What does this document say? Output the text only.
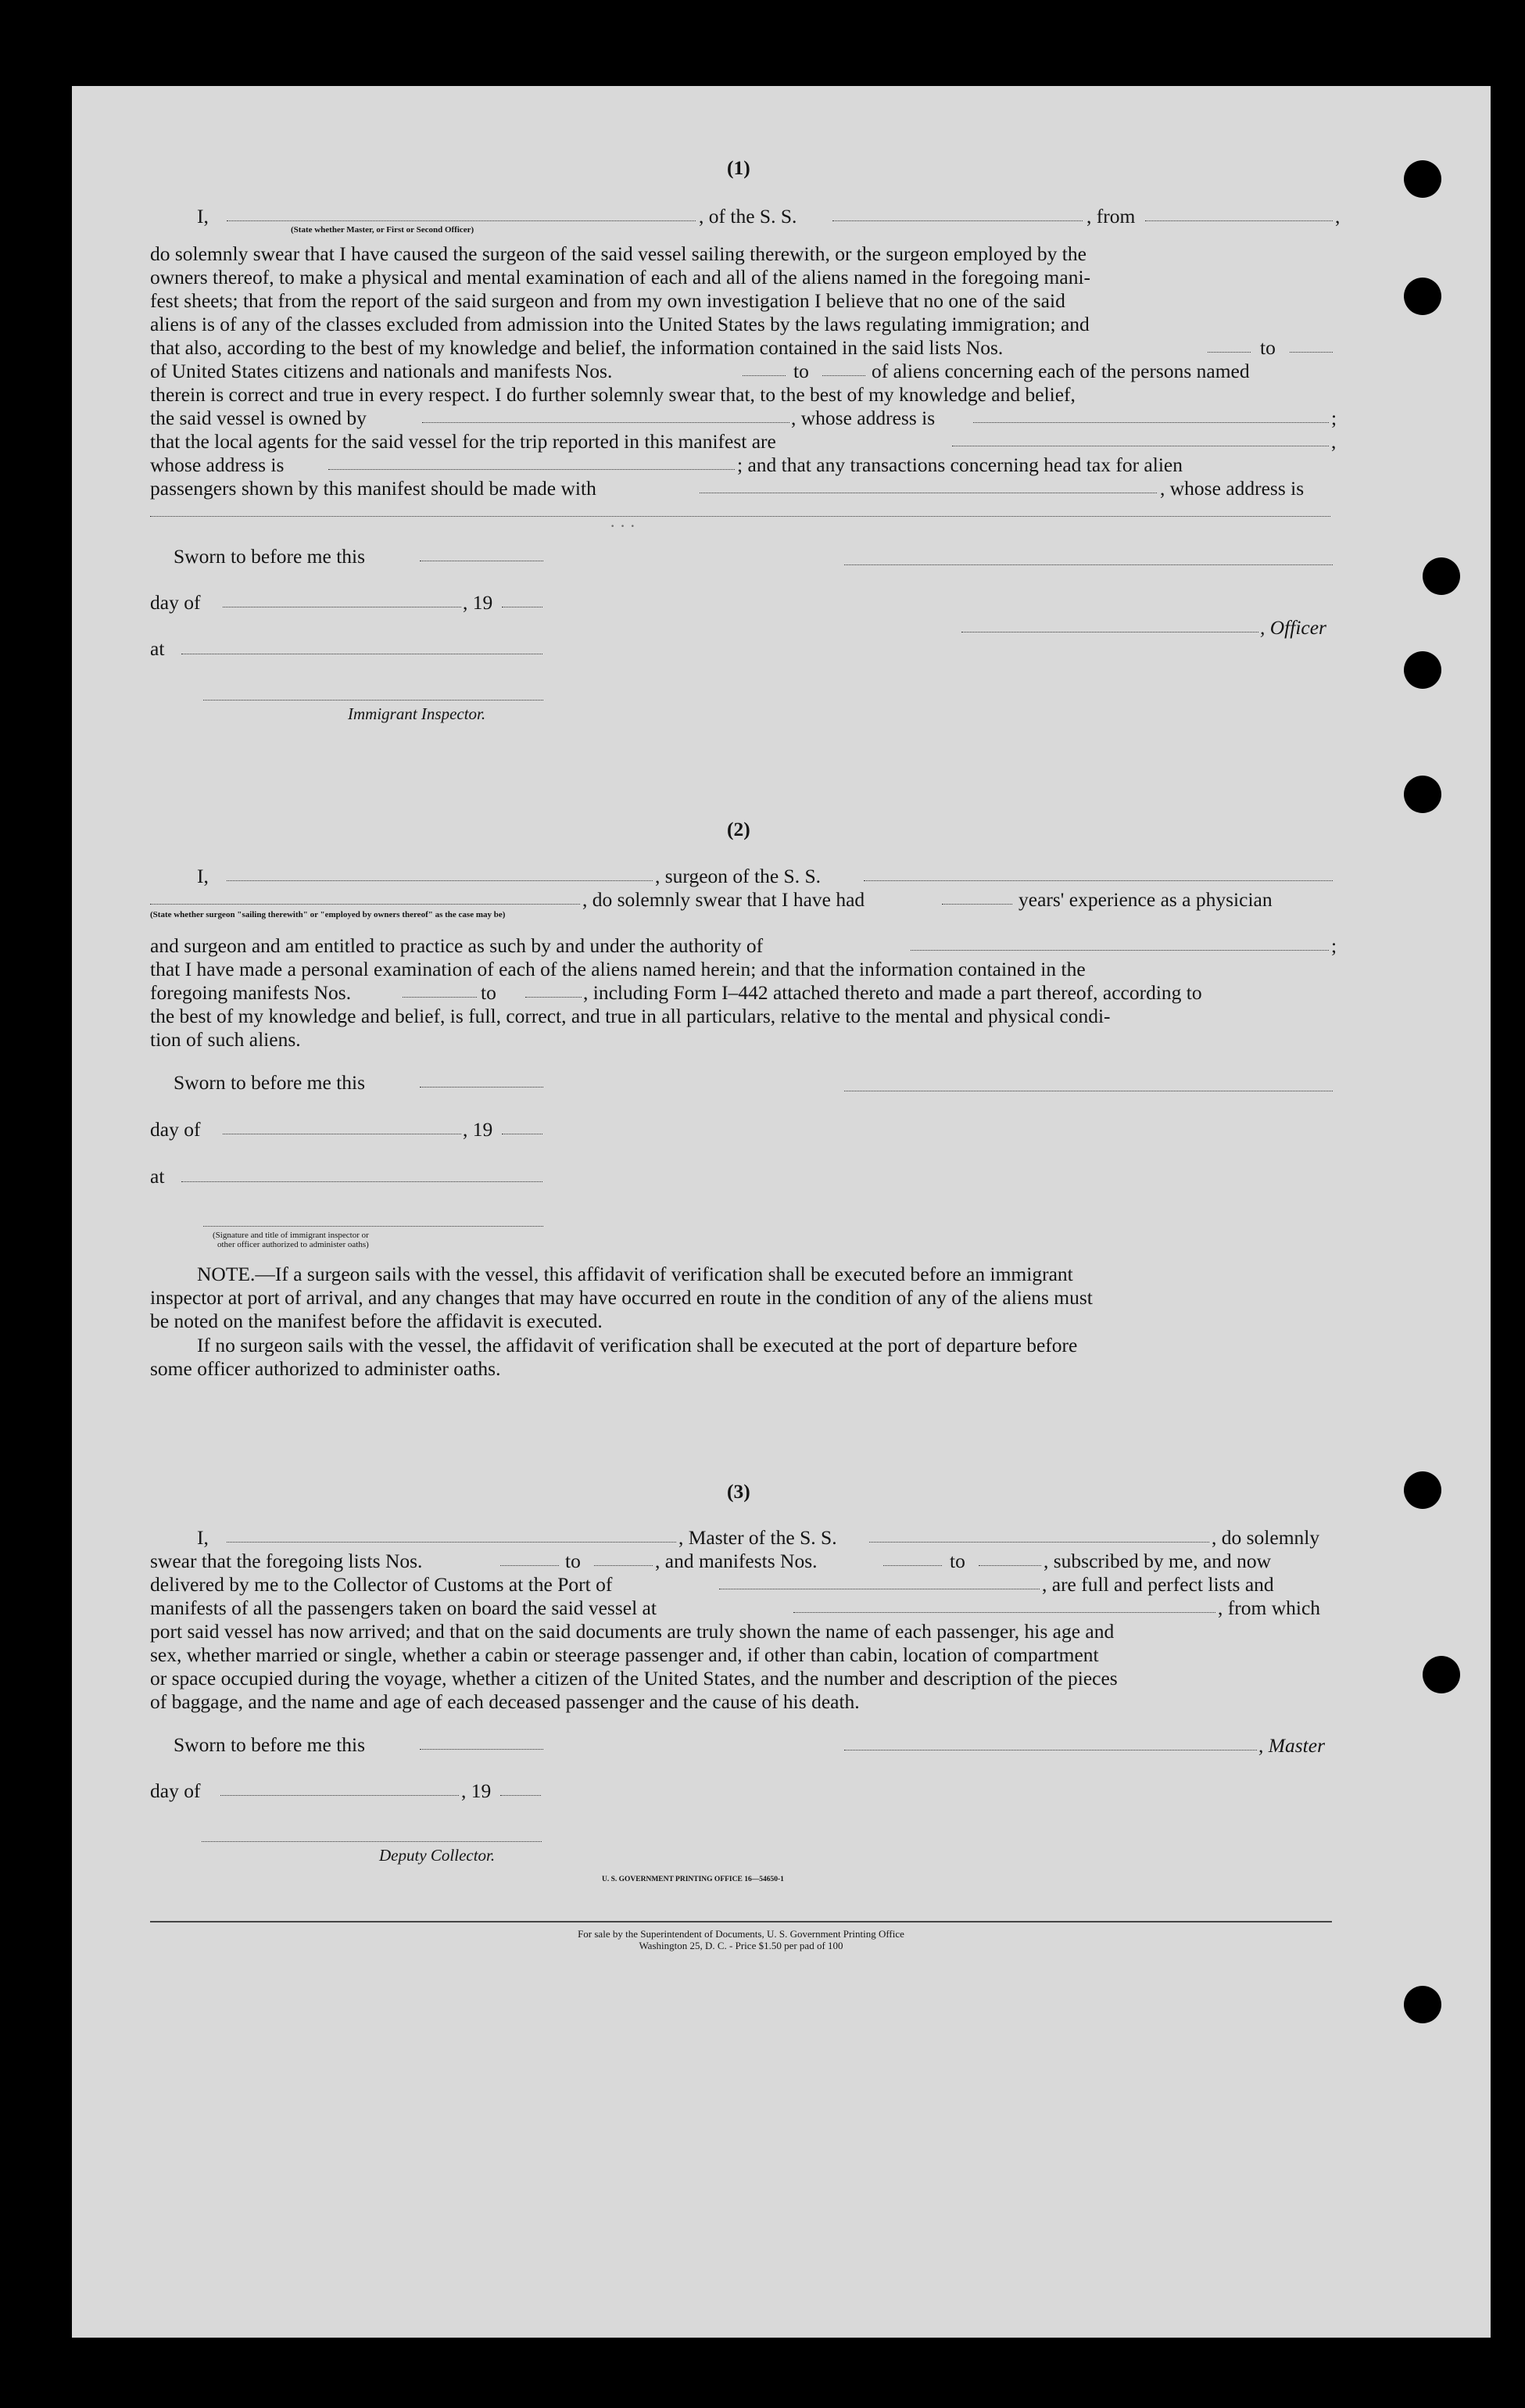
· · ·
(1)
I,	, of the S. S.	, from	,
(State whether Master, or First or Second Officer)
do solemnly swear that I have caused the surgeon of the said vessel sailing therewith, or the surgeon employed by the
owners thereof, to make a physical and mental examination of each and all of the aliens named in the foregoing mani-
fest sheets; that from the report of the said surgeon and from my own investigation I believe that no one of the said
aliens is of any of the classes excluded from admission into the United States by the laws regulating immigration; and
that also, according to the best of my knowledge and belief, the information contained in the said lists Nos.	to
of United States citizens and nationals and manifests Nos.	to	of aliens concerning each of the persons named
therein is correct and true in every respect. I do further solemnly swear that, to the best of my knowledge and belief,
the said vessel is owned by	, whose address is	;
that the local agents for the said vessel for the trip reported in this manifest are	,
whose address is	; and that any transactions concerning head tax for alien
passengers shown by this manifest should be made with	, whose address is
Sworn to before me this
day of	, 19
, Officer
at
Immigrant Inspector.
(2)
I,	, surgeon of the S. S.
, do solemnly swear that I have had	years' experience as a physician
(State whether surgeon "sailing therewith" or "employed by owners thereof" as the case may be)
and surgeon and am entitled to practice as such by and under the authority of	;
that I have made a personal examination of each of the aliens named herein; and that the information contained in the
foregoing manifests Nos.	to	, including Form I–442 attached thereto and made a part thereof, according to
the best of my knowledge and belief, is full, correct, and true in all particulars, relative to the mental and physical condi-
tion of such aliens.
Sworn to before me this
day of	, 19
at
(Signature and title of immigrant inspector or
other officer authorized to administer oaths)
NOTE.—If a surgeon sails with the vessel, this affidavit of verification shall be executed before an immigrant
inspector at port of arrival, and any changes that may have occurred en route in the condition of any of the aliens must
be noted on the manifest before the affidavit is executed.
If no surgeon sails with the vessel, the affidavit of verification shall be executed at the port of departure before
some officer authorized to administer oaths.
(3)
I,	, Master of the S. S.	, do solemnly
swear that the foregoing lists Nos.	to	, and manifests Nos.	to	, subscribed by me, and now
delivered by me to the Collector of Customs at the Port of	, are full and perfect lists and
manifests of all the passengers taken on board the said vessel at	, from which
port said vessel has now arrived; and that on the said documents are truly shown the name of each passenger, his age and
sex, whether married or single, whether a cabin or steerage passenger and, if other than cabin, location of compartment
or space occupied during the voyage, whether a citizen of the United States, and the number and description of the pieces
of baggage, and the name and age of each deceased passenger and the cause of his death.
Sworn to before me this	, Master
day of	, 19
Deputy Collector.
U. S. GOVERNMENT PRINTING OFFICE 16—54650-1
For sale by the Superintendent of Documents, U. S. Government Printing Office
Washington 25, D. C. - Price $1.50 per pad of 100
